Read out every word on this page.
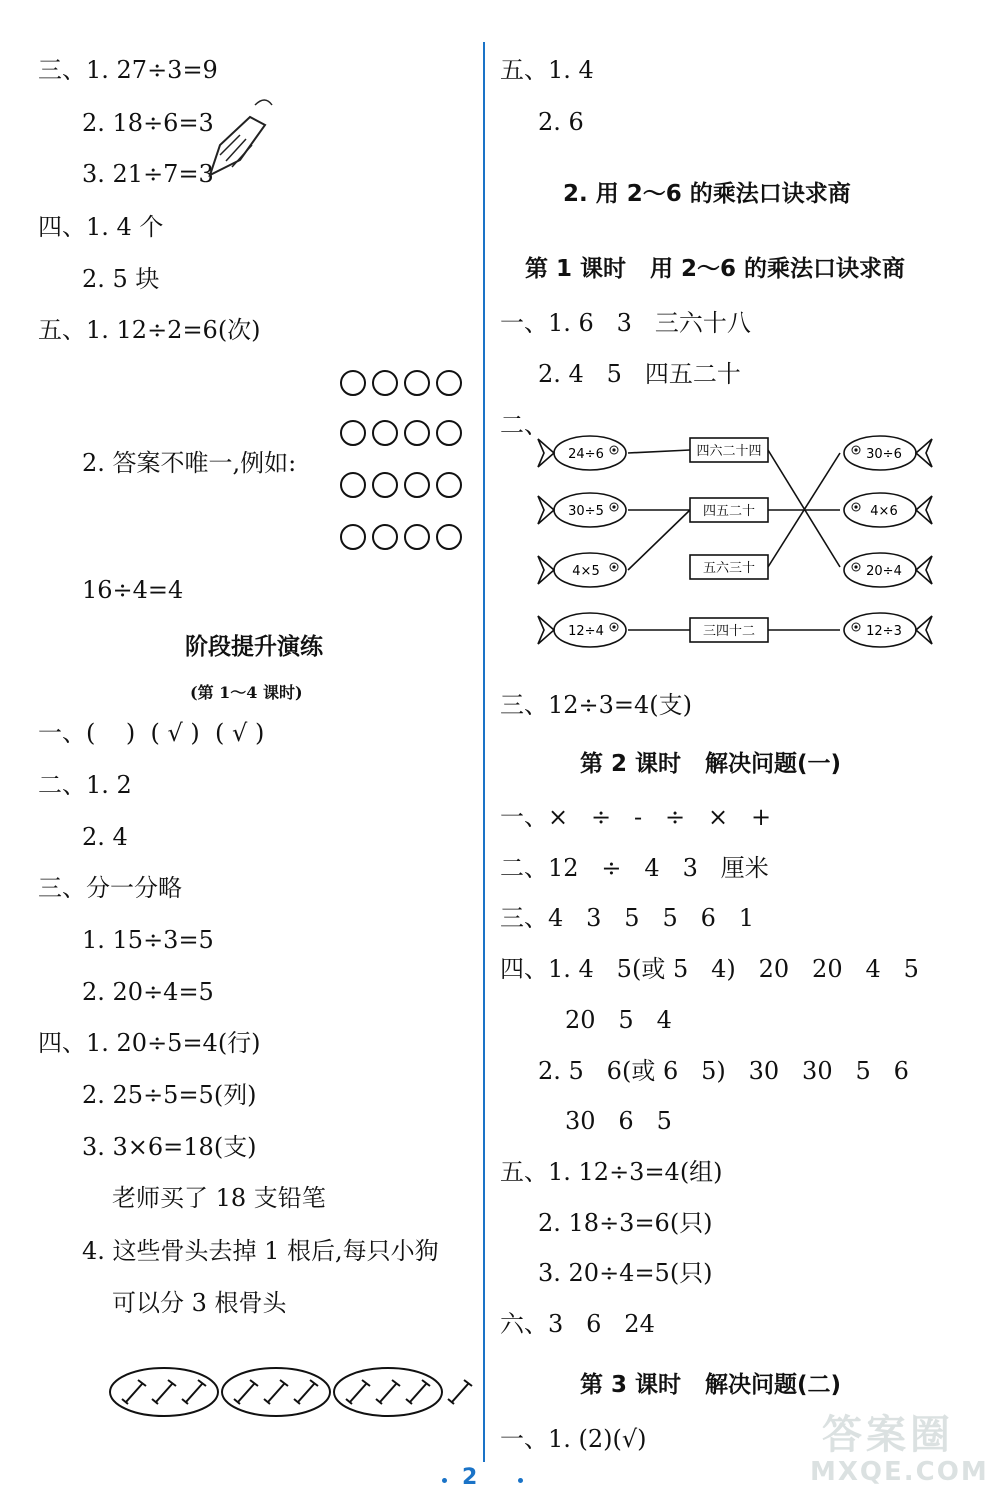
三、1. 27÷3=9
2. 18÷6=3
3. 21÷7=3
四、1. 4 个
2. 5 块
五、1. 12÷2=6(次)
2. 答案不唯一,例如:
16÷4=4
阶段提升演练
(第 1～4 课时)
一、(    )  ( √ )  ( √ )
二、1. 2
2. 4
三、分一分略
1. 15÷3=5
2. 20÷4=5
四、1. 20÷5=4(行)
2. 25÷5=5(列)
3. 3×6=18(支)
老师买了 18 支铅笔
4. 这些骨头去掉 1 根后,每只小狗
可以分 3 根骨头
五、1. 4
2. 6
2. 用 2～6 的乘法口诀求商
第 1 课时   用 2～6 的乘法口诀求商
一、1. 6   3   三六十八
2. 4   5   四五二十
二、
24÷6
30÷5
4×5
12÷4
四六二十四
四五二十
五六三十
三四十二
30÷6
4×6
20÷4
12÷3
三、12÷3=4(支)
第 2 课时   解决问题(一)
一、×   ÷   -   ÷   ×   +
二、12   ÷   4   3   厘米
三、4   3   5   5   6   1
四、1. 4   5(或 5   4)   20   20   4   5
20   5   4
2. 5   6(或 6   5)   30   30   5   6
30   6   5
五、1. 12÷3=4(组)
2. 18÷3=6(只)
3. 20÷4=5(只)
六、3   6   24
第 3 课时   解决问题(二)
一、1. (2)(√)
2
答案圈
MXQE.COM
